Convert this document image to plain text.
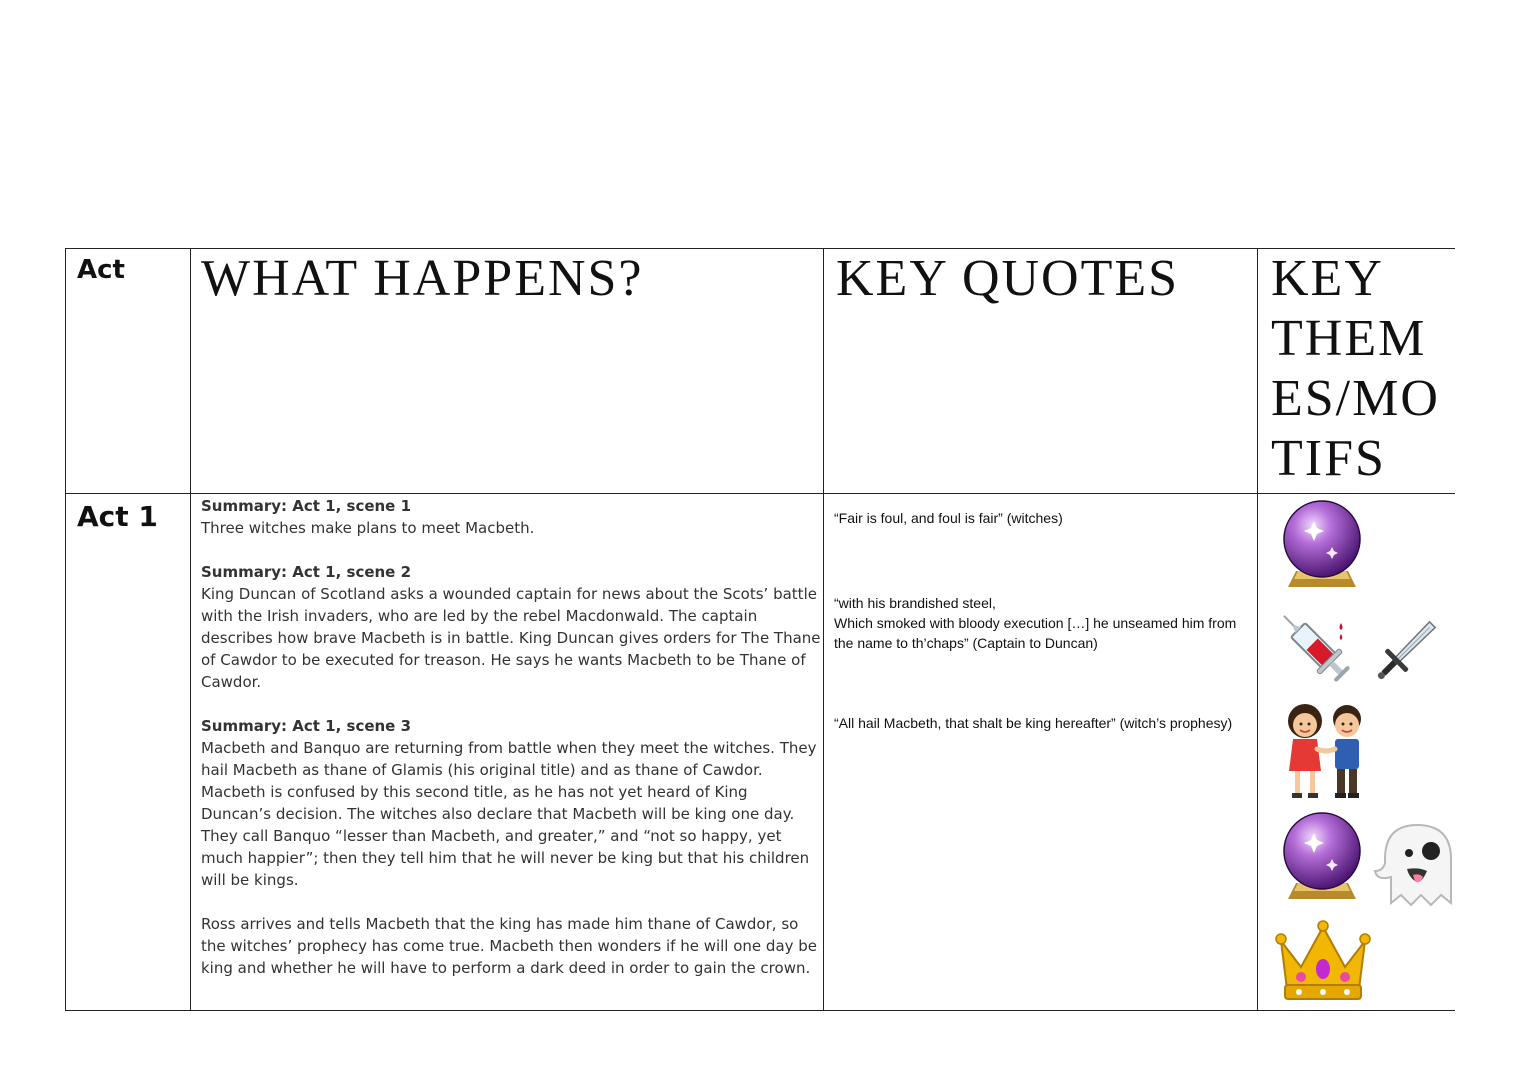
Act WHAT HAPPENS?	KEY QUOTES KEY
THEM
ES/MO
TIFS
Act 1	Summary: Act 1, scene 1
Three witches make plans to meet Macbeth.
Summary: Act 1, scene 2
King Duncan of Scotland asks a wounded captain for news about the Scots’ battle with the Irish invaders, who are led by the rebel Macdonwald. The captain describes how brave Macbeth is in battle. King Duncan gives orders for The Thane of Cawdor to be executed for treason. He says he wants Macbeth to be Thane of Cawdor.
Summary: Act 1, scene 3
Macbeth and Banquo are returning from battle when they meet the witches. They hail Macbeth as thane of Glamis (his original title) and as thane of Cawdor. Macbeth is confused by this second title, as he has not yet heard of King Duncan’s decision. The witches also declare that Macbeth will be king one day. They call Banquo “lesser than Macbeth, and greater,” and “not so happy, yet much happier”; then they tell him that he will never be king but that his children will be kings.
Ross arrives and tells Macbeth that the king has made him thane of Cawdor, so the witches’ prophecy has come true. Macbeth then wonders if he will one day be king and whether he will have to perform a dark deed in order to gain the crown.
“Fair is foul, and foul is fair” (witches)
“with his brandished steel,
Which smoked with bloody execution […] he unseamed him from the name to th’chaps” (Captain to Duncan)
“All hail Macbeth, that shalt be king hereafter” (witch’s prophesy)
